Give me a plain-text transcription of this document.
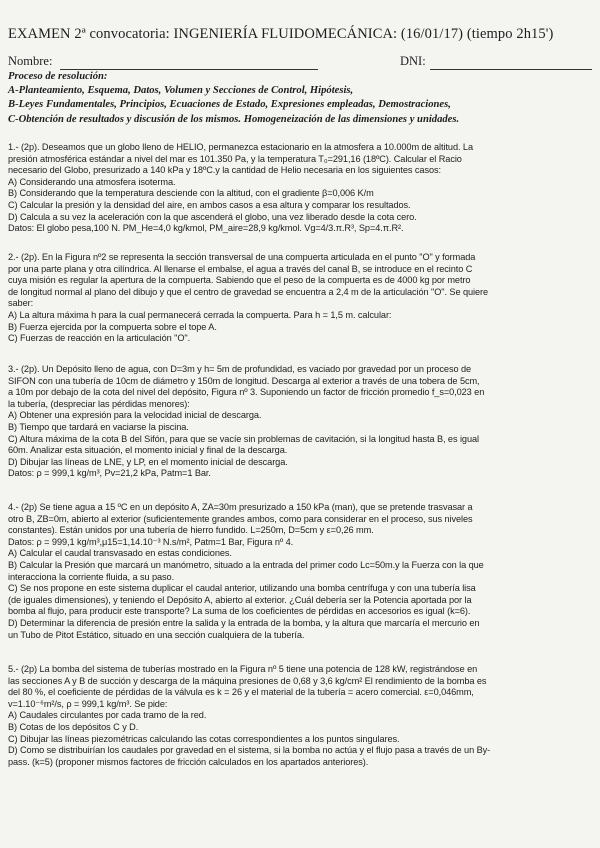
EXAMEN 2ª convocatoria: INGENIERÍA FLUIDOMECÁNICA: (16/01/17) (tiempo 2h15')
Nombre:	DNI:
Proceso de resolución:
A-Planteamiento, Esquema, Datos, Volumen y Secciones de Control, Hipótesis,
B-Leyes Fundamentales, Principios, Ecuaciones de Estado, Expresiones empleadas, Demostraciones,
C-Obtención de resultados y discusión de los mismos. Homogeneización de las dimensiones y unidades.

1.- (2p). Deseamos que un globo lleno de HELIO, permanezca estacionario en la atmosfera a 10.000m de altitud. La

presión atmosférica estándar a nivel del mar es 101.350 Pa, y la temperatura T₀=291,16 (18ºC). Calcular el Racio

necesario del Globo, presurizado a 140 kPa y 18ºC.y la cantidad de Helio necesaria en los siguientes casos:

A) Considerando una atmosfera isoterma.

B) Considerando que la temperatura desciende con la altitud, con el gradiente β=0,006 K/m

C) Calcular la presión y la densidad del aire, en ambos casos a esa altura y comparar los resultados.

D) Calcula a su vez la aceleración con la que ascenderá el globo, una vez liberado desde la cota cero.

Datos: El globo pesa,100 N. PM_He=4,0 kg/kmol, PM_aire=28,9 kg/kmol. Vg=4/3.π.R³, Sp=4.π.R².

2.- (2p). En la Figura nº2 se representa la sección transversal de una compuerta articulada en el punto "O" y formada

por una parte plana y otra cilíndrica. Al llenarse el embalse, el agua a través del canal B, se introduce en el recinto C

cuya misión es regular la apertura de la compuerta. Sabiendo que el peso de la compuerta es de 4000 kg por metro

de longitud normal al plano del dibujo y que el centro de gravedad se encuentra a 2,4 m de la articulación "O". Se quiere

saber:

A) La altura máxima h para la cual permanecerá cerrada la compuerta. Para h = 1,5 m. calcular:

B) Fuerza ejercida por la compuerta sobre el tope A.

C) Fuerzas de reacción en la articulación "O".

3.- (2p). Un Depósito lleno de agua, con D=3m y h= 5m de profundidad, es vaciado por gravedad por un proceso de

SIFON con una tubería de 10cm de diámetro y 150m de longitud. Descarga al exterior a través de una tobera de 5cm,

a 10m por debajo de la cota del nivel del depósito, Figura nº 3. Suponiendo un factor de fricción promedio f_s=0,023 en

la tubería, (despreciar las pérdidas menores):

A) Obtener una expresión para la velocidad inicial de descarga.

B) Tiempo que tardará en vaciarse la piscina.

C) Altura máxima de la cota B del Sifón, para que se vacíe sin problemas de cavitación, si la longitud hasta B, es igual

60m. Analizar esta situación, el momento inicial y final de la descarga.

D) Dibujar las líneas de LNE, y LP, en el momento inicial de descarga.

Datos: ρ = 999,1 kg/m³, Pv=21,2 kPa, Patm=1 Bar.

4.- (2p) Se tiene agua a 15 ºC en un depósito A, ZA=30m presurizado a 150 kPa (man), que se pretende trasvasar a

otro B, ZB=0m, abierto al exterior (suficientemente grandes ambos, como para considerar en el proceso, sus niveles

constantes). Están unidos por una tubería de hierro fundido. L=250m, D=5cm y ε=0,26 mm.

Datos: ρ = 999,1 kg/m³,μ15=1,14.10⁻³ N.s/m², Patm=1 Bar, Figura nº 4.

A) Calcular el caudal transvasado en estas condiciones.

B) Calcular la Presión que marcará un manómetro, situado a la entrada del primer codo Lc=50m.y la Fuerza con la que

interacciona la corriente fluida, a su paso.

C) Se nos propone en este sistema duplicar el caudal anterior, utilizando una bomba centrífuga y con una tubería lisa

(de iguales dimensiones), y teniendo el Depósito A, abierto al exterior. ¿Cuál debería ser la Potencia aportada por la

bomba al flujo, para producir este transporte? La suma de los coeficientes de pérdidas en accesorios es igual (k=6).

D) Determinar la diferencia de presión entre la salida y la entrada de la bomba, y la altura que marcaría el mercurio en

un Tubo de Pitot Estático, situado en una sección cualquiera de la tubería.

5.- (2p) La bomba del sistema de tuberías mostrado en la Figura nº 5 tiene una potencia de 128 kW, registrándose en

las secciones A y B de succión y descarga de la máquina presiones de 0,68 y 3,6 kg/cm² El rendimiento de la bomba es

del 80 %, el coeficiente de pérdidas de la válvula es k = 26 y el material de la tubería = acero comercial. ε=0,046mm,

v=1.10⁻⁶m²/s, ρ = 999,1 kg/m³. Se pide:

A) Caudales circulantes por cada tramo de la red.

B) Cotas de los depósitos C y D.

C) Dibujar las líneas piezométricas calculando las cotas correspondientes a los puntos singulares.

D) Como se distribuirían los caudales por gravedad en el sistema, si la bomba no actúa y el flujo pasa a través de un By-

pass. (k=5) (proponer mismos factores de fricción calculados en los apartados anteriores).
